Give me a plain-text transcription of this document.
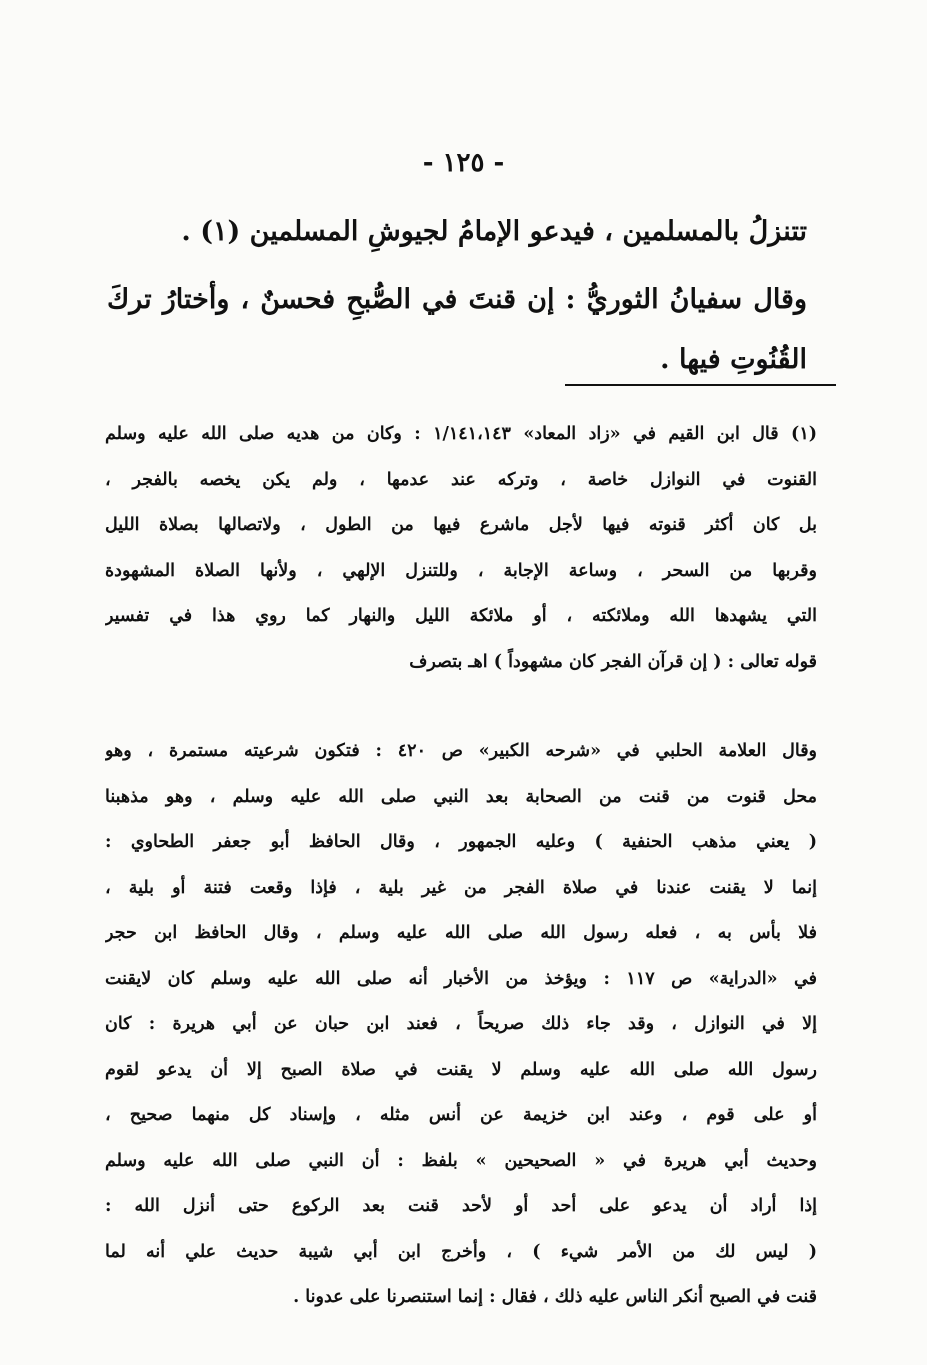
- ١٢٥ -
تتنزلُ بالمسلمين ، فيدعو الإمامُ لجيوشِ المسلمين (١) .
وقال سفيانُ الثوريُّ : إن قنتَ في الصُّبحِ فحسنٌ ، وأختارُ تركَ
القُنُوتِ فيها .
(١) قال ابن القيم في «زاد المعاد» ١/١٤١،١٤٣ : وكان من هديه صلى الله عليه وسلم
القنوت في النوازل خاصة ، وتركه عند عدمها ، ولم يكن يخصه بالفجر ،
بل كان أكثر قنوته فيها لأجل ماشرع فيها من الطول ، ولاتصالها بصلاة الليل
وقربها من السحر ، وساعة الإجابة ، وللتنزل الإلهي ، ولأنها الصلاة المشهودة
التي يشهدها الله وملائكته ، أو ملائكة الليل والنهار كما روي هذا في تفسير
قوله تعالى : ( إن قرآن الفجر كان مشهوداً ) اهـ بتصرف
وقال العلامة الحلبي في «شرحه الكبير» ص ٤٢٠ : فتكون شرعيته مستمرة ، وهو
محل قنوت من قنت من الصحابة بعد النبي صلى الله عليه وسلم ، وهو مذهبنا
( يعني مذهب الحنفية ) وعليه الجمهور ، وقال الحافظ أبو جعفر الطحاوي :
إنما لا يقنت عندنا في صلاة الفجر من غير بلية ، فإذا وقعت فتنة أو بلية ،
فلا بأس به ، فعله رسول الله صلى الله عليه وسلم ، وقال الحافظ ابن حجر
في «الدراية» ص ١١٧ : ويؤخذ من الأخبار أنه صلى الله عليه وسلم كان لايقنت
إلا في النوازل ، وقد جاء ذلك صريحاً ، فعند ابن حبان عن أبي هريرة : كان
رسول الله صلى الله عليه وسلم لا يقنت في صلاة الصبح إلا أن يدعو لقوم
أو على قوم ، وعند ابن خزيمة عن أنس مثله ، وإسناد كل منهما صحيح ،
وحديث أبي هريرة في « الصحيحين » بلفظ : أن النبي صلى الله عليه وسلم
إذا أراد أن يدعو على أحد أو لأحد قنت بعد الركوع حتى أنزل الله :
( ليس لك من الأمر شيء ) ، وأخرج ابن أبي شيبة حديث علي أنه لما
قنت في الصبح أنكر الناس عليه ذلك ، فقال : إنما استنصرنا على عدونا .
